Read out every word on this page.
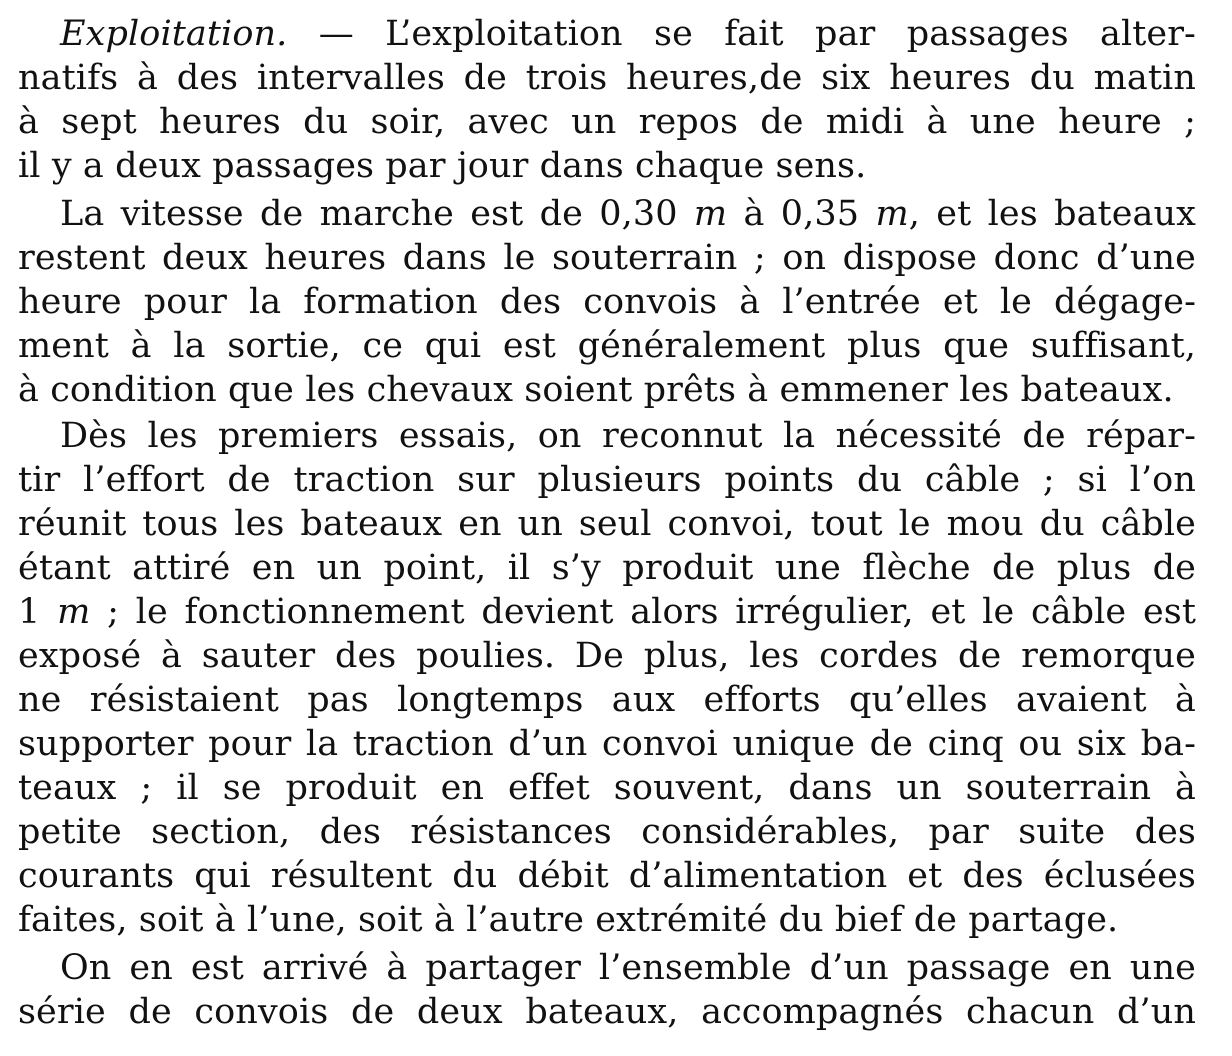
Exploitation. — L’exploitation se fait par passages alter-
natifs à des intervalles de trois heures,de six heures du matin
à sept heures du soir, avec un repos de midi à une heure ;
il y a deux passages par jour dans chaque sens.
La vitesse de marche est de 0,30 m à 0,35 m, et les bateaux
restent deux heures dans le souterrain ; on dispose donc d’une
heure pour la formation des convois à l’entrée et le dégage-
ment à la sortie, ce qui est généralement plus que suffisant,
à condition que les chevaux soient prêts à emmener les bateaux.
Dès les premiers essais, on reconnut la nécessité de répar-
tir l’effort de traction sur plusieurs points du câble ; si l’on
réunit tous les bateaux en un seul convoi, tout le mou du câble
étant attiré en un point, il s’y produit une flèche de plus de
1 m ; le fonctionnement devient alors irrégulier, et le câble est
exposé à sauter des poulies. De plus, les cordes de remorque
ne résistaient pas longtemps aux efforts qu’elles avaient à
supporter pour la traction d’un convoi unique de cinq ou six ba-
teaux ; il se produit en effet souvent, dans un souterrain à
petite section, des résistances considérables, par suite des
courants qui résultent du débit d’alimentation et des éclusées
faites, soit à l’une, soit à l’autre extrémité du bief de partage.
On en est arrivé à partager l’ensemble d’un passage en une
série de convois de deux bateaux, accompagnés chacun d’un
